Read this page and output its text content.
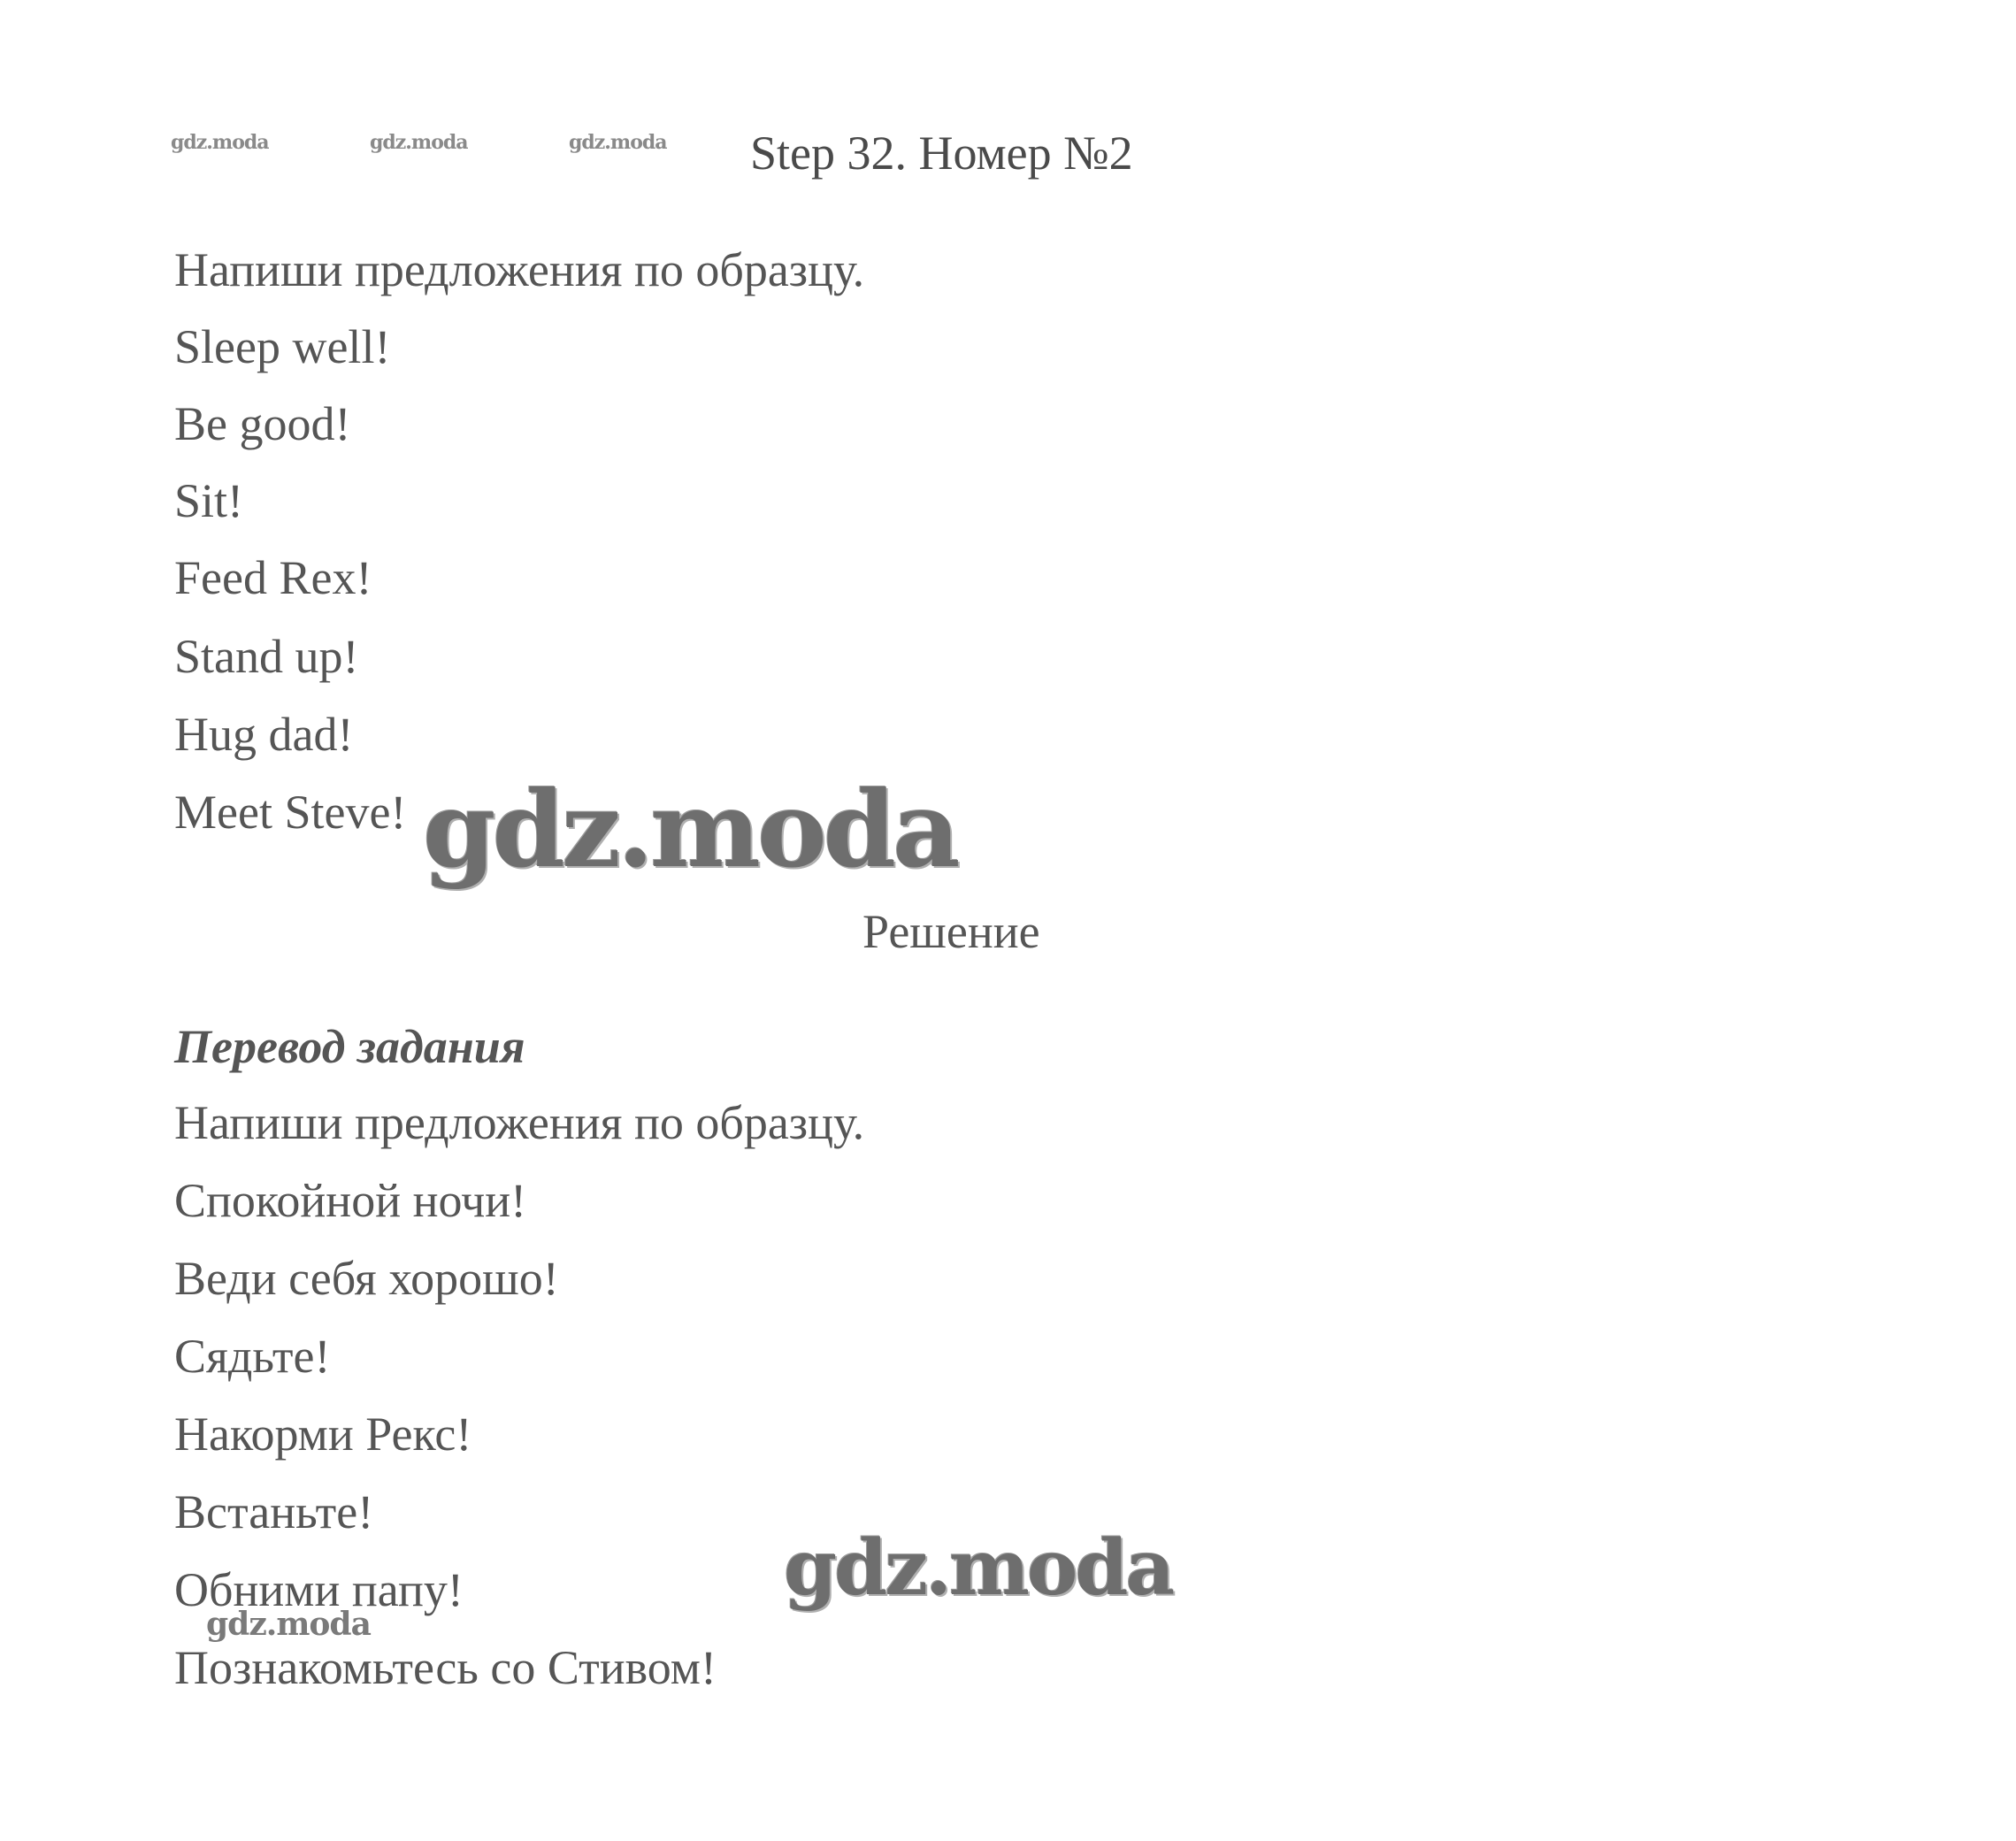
gdz.moda	gdz.moda	gdz.moda Step 32. Номер №2
Напиши предложения по образцу.
Sleep well!
Be good!
Sit!
Feed Rex!
Stand up!
Hug dad!
Meet Steve! gdz.moda
Решение
Перевод задания
Напиши предложения по образцу.
Спокойной ночи!
Веди себя хорошо!
Сядьте!
Накорми Рекс!
Встаньте!
Обними папу!
Познакомьтесь со Стивом!
gdz.moda
gdz.moda
